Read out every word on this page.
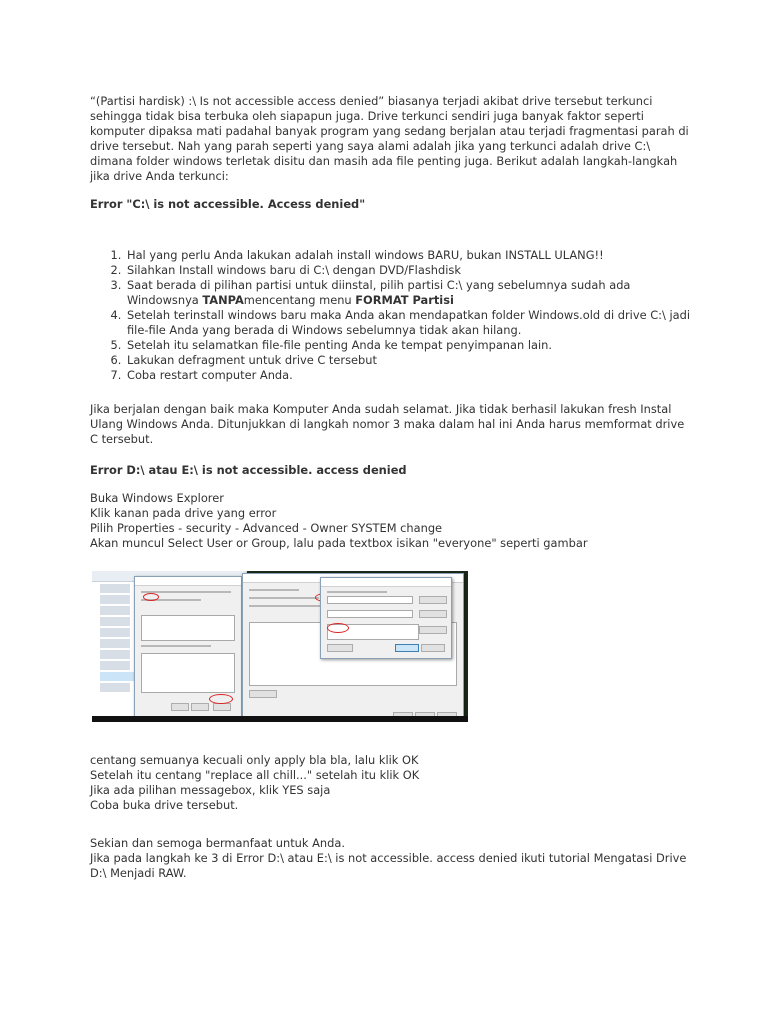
“(Partisi hardisk) :\ Is not accessible access denied” biasanya terjadi akibat drive tersebut terkunci sehingga tidak bisa terbuka oleh siapapun juga. Drive terkunci sendiri juga banyak faktor seperti komputer dipaksa mati padahal banyak program yang sedang berjalan atau terjadi fragmentasi parah di drive tersebut. Nah yang parah seperti yang saya alami adalah jika yang terkunci adalah drive C:\ dimana folder windows terletak disitu dan masih ada file penting juga. Berikut adalah langkah-langkah jika drive Anda terkunci:

Error "C:\ is not accessible. Access denied"

1. Hal yang perlu Anda lakukan adalah install windows BARU, bukan INSTALL ULANG!!
2. Silahkan Install windows baru di C:\ dengan DVD/Flashdisk
3. Saat berada di pilihan partisi untuk diinstal, pilih partisi C:\ yang sebelumnya sudah ada Windowsnya TANPAmencentang menu FORMAT Partisi
4. Setelah terinstall windows baru maka Anda akan mendapatkan folder Windows.old di drive C:\ jadi file-file Anda yang berada di Windows sebelumnya tidak akan hilang.
5. Setelah itu selamatkan file-file penting Anda ke tempat penyimpanan lain.
6. Lakukan defragment untuk drive C tersebut
7. Coba restart computer Anda.

Jika berjalan dengan baik maka Komputer Anda sudah selamat. Jika tidak berhasil lakukan fresh Instal Ulang Windows Anda. Ditunjukkan di langkah nomor 3 maka dalam hal ini Anda harus memformat drive C tersebut.

Error D:\ atau E:\ is not accessible. access denied

Buka Windows Explorer

Klik kanan pada drive yang error

Pilih Properties - security - Advanced - Owner SYSTEM change

Akan muncul Select User or Group, lalu pada textbox isikan "everyone" seperti gambar

centang semuanya kecuali only apply bla bla, lalu klik OK

Setelah itu centang "replace all chill..." setelah itu klik OK

Jika ada pilihan messagebox, klik YES saja

Coba buka drive tersebut.

Sekian dan semoga bermanfaat untuk Anda.

Jika pada langkah ke 3 di Error D:\ atau E:\ is not accessible. access denied ikuti tutorial Mengatasi Drive D:\ Menjadi RAW.
